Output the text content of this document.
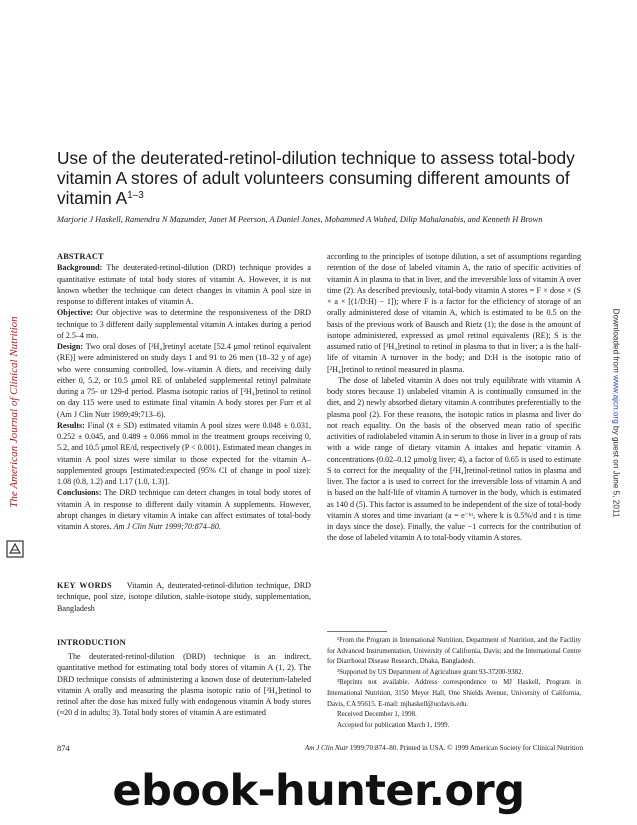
The American Journal of Clinical Nutrition	Downloaded from www.ajcn.org by guest on June 5, 2011
Use of the deuterated-retinol-dilution technique to assess total-body vitamin A stores of adult volunteers consuming different amounts of vitamin $A^{1-3}$
Marjorie J Haskell, Ramendra N Mazumder, Janet M Peerson, A Daniel Jones, Mohammed A Wahed, Dilip Mahalanabis, and Kenneth H Brown

ABSTRACT

Background: The deuterated-retinol-dilution (DRD) technique provides a quantitative estimate of total body stores of vitamin A. However, it is not known whether the technique can detect changes in vitamin A pool size in response to different intakes of vitamin A.

Objective: Our objective was to determine the responsiveness of the DRD technique to 3 different daily supplemental vitamin A intakes during a period of 2.5–4 mo.

Design: Two oral doses of [²H₄]retinyl acetate [52.4 μmol retinol equivalent (RE)] were administered on study days 1 and 91 to 26 men (18–32 y of age) who were consuming controlled, low–vitamin A diets, and receiving daily either 0, 5.2, or 10.5 μmol RE of unlabeled supplemental retinyl palmitate during a 75- or 129-d period. Plasma isotopic ratios of [²H₄]retinol to retinol on day 115 were used to estimate final vitamin A body stores per Furr et al (Am J Clin Nutr 1989;49:713–6).

Results: Final (x̄ ± SD) estimated vitamin A pool sizes were 0.048 ± 0.031, 0.252 ± 0.045, and 0.489 ± 0.066 mmol in the treatment groups receiving 0, 5.2, and 10.5 μmol RE/d, respectively (P < 0.001). Estimated mean changes in vitamin A pool sizes were similar to those expected for the vitamin A–supplemented groups [estimated:expected (95% CI of change in pool size): 1.08 (0.8, 1.2) and 1.17 (1.0, 1.3)].

Conclusions: The DRD technique can detect changes in total body stores of vitamin A in response to different daily vitamin A supplements. However, abrupt changes in dietary vitamin A intake can affect estimates of total-body vitamin A stores. Am J Clin Nutr 1999;70:874–80.

KEY WORDS Vitamin A, deuterated-retinol-dilution technique, DRD technique, pool size, isotope dilution, stable-isotope study, supplementation, Bangladesh
INTRODUCTION

The deuterated-retinol-dilution (DRD) technique is an indirect, quantitative method for estimating total body stores of vitamin A (1, 2). The DRD technique consists of administering a known dose of deuterium-labeled vitamin A orally and measuring the plasma isotopic ratio of [²H₄]retinol to retinol after the dose has mixed fully with endogenous vitamin A body stores (≈20 d in adults; 3). Total body stores of vitamin A are estimated

according to the principles of isotope dilution, a set of assumptions regarding retention of the dose of labeled vitamin A, the ratio of specific activities of vitamin A in plasma to that in liver, and the irreversible loss of vitamin A over time (2). As described previously, total-body vitamin A stores = F × dose × (S × a × [(1/D:H) − 1]); where F is a factor for the efficiency of storage of an orally administered dose of vitamin A, which is estimated to be 0.5 on the basis of the previous work of Bausch and Rietz (1); the dose is the amount of isotope administered, expressed as μmol retinol equivalents (RE); S is the assumed ratio of [²H₄]retinol to retinol in plasma to that in liver; a is the half-life of vitamin A turnover in the body; and D:H is the isotopic ratio of [²H₄]retinol to retinol measured in plasma.

The dose of labeled vitamin A does not truly equilibrate with vitamin A body stores because 1) unlabeled vitamin A is continually consumed in the diet, and 2) newly absorbed dietary vitamin A contributes preferentially to the plasma pool (2). For these reasons, the isotopic ratios in plasma and liver do not reach equality. On the basis of the observed mean ratio of specific activities of radiolabeled vitamin A in serum to those in liver in a group of rats with a wide range of dietary vitamin A intakes and hepatic vitamin A concentrations (0.02–0.12 μmol/g liver; 4), a factor of 0.65 is used to estimate S to correct for the inequality of the [²H₄]retinol-retinol ratios in plasma and liver. The factor a is used to correct for the irreversible loss of vitamin A and is based on the half-life of vitamin A turnover in the body, which is estimated as 140 d (5). This factor is assumed to be independent of the size of total-body vitamin A stores and time invariant (a = e⁻ᵏᵗ, where k is 0.5%/d and t is time in days since the dose). Finally, the value −1 corrects for the contribution of the dose of labeled vitamin A to total-body vitamin A stores.

¹From the Program in International Nutrition, Department of Nutrition, and the Facility for Advanced Instrumentation, University of California, Davis; and the International Centre for Diarrhoeal Disease Research, Dhaka, Bangladesh.

²Supported by US Department of Agriculture grant 93-37200-9382.

³Reprints not available. Address correspondence to MJ Haskell, Program in International Nutrition, 3150 Meyer Hall, One Shields Avenue, University of California, Davis, CA 95615. E-mail: mjhaskell@ucdavis.edu.

Received December 1, 1998.

Accepted for publication March 1, 1999.

874	Am J Clin Nutr 1999;70:874–80. Printed in USA. © 1999 American Society for Clinical Nutrition
ebook-hunter.org
